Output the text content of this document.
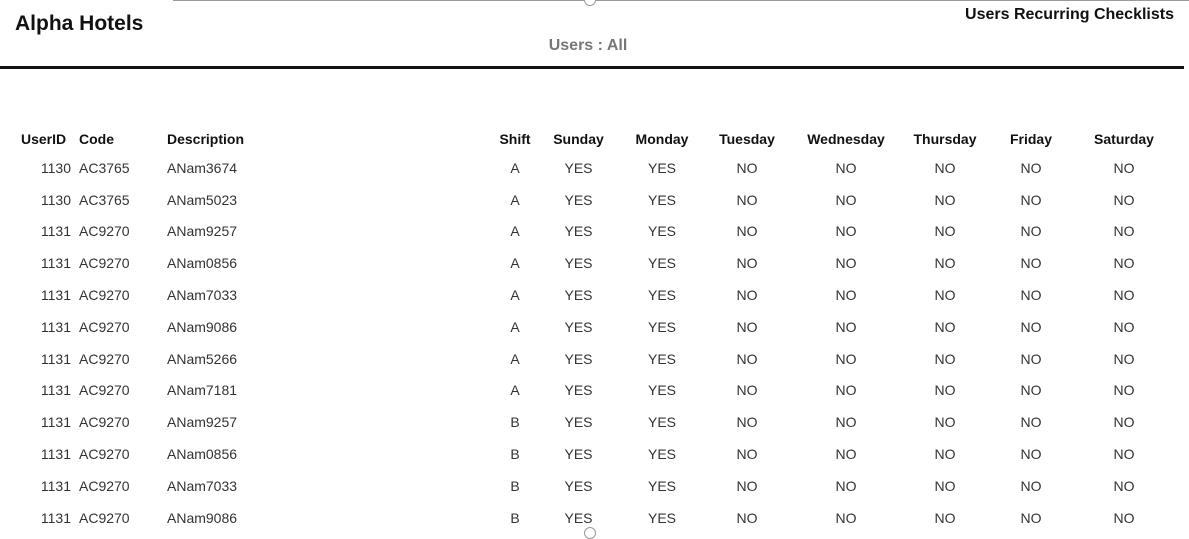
Alpha Hotels	Users Recurring Checklists
Users : All
UserID	Code	Description	Shift	Sunday	Monday	Tuesday	Wednesday	Thursday	Friday	Saturday
1130	AC3765	ANam3674	A	YES	YES	NO	NO	NO	NO	NO
1130	AC3765	ANam5023	A	YES	YES	NO	NO	NO	NO	NO
1131	AC9270	ANam9257	A	YES	YES	NO	NO	NO	NO	NO
1131	AC9270	ANam0856	A	YES	YES	NO	NO	NO	NO	NO
1131	AC9270	ANam7033	A	YES	YES	NO	NO	NO	NO	NO
1131	AC9270	ANam9086	A	YES	YES	NO	NO	NO	NO	NO
1131	AC9270	ANam5266	A	YES	YES	NO	NO	NO	NO	NO
1131	AC9270	ANam7181	A	YES	YES	NO	NO	NO	NO	NO
1131	AC9270	ANam9257	B	YES	YES	NO	NO	NO	NO	NO
1131	AC9270	ANam0856	B	YES	YES	NO	NO	NO	NO	NO
1131	AC9270	ANam7033	B	YES	YES	NO	NO	NO	NO	NO
1131	AC9270	ANam9086	B	YES	YES	NO	NO	NO	NO	NO
